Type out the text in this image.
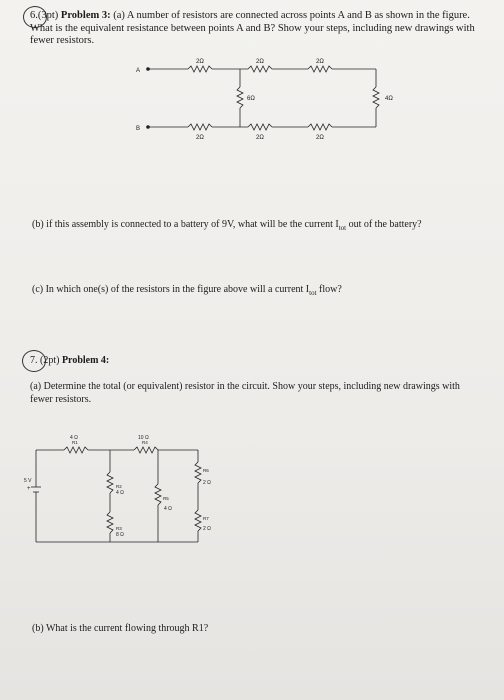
6.(3pt) Problem 3: (a) A number of resistors are connected across points A and B as shown in the figure. What is the equivalent resistance between points A and B? Show your steps, including new drawings with fewer resistors.
A
B
2Ω	2Ω	2Ω
2Ω	2Ω	2Ω
6Ω	4Ω
(b) if this assembly is connected to a battery of 9V, what will be the current $I_{tot}$ out of the battery?
(c) In which one(s) of the resistors in the figure above will a current $I_{tot}$ flow?
7. (2pt) Problem 4:
(a) Determine the total (or equivalent) resistor in the circuit. Show your steps, including new drawings with fewer resistors.
5 V
+
4 Ω
R1
10 Ω
R4
R2
4 Ω
R3
8 Ω
R5
4 Ω
R6
2 Ω
R7
2 Ω
(b) What is the current flowing through R1?
